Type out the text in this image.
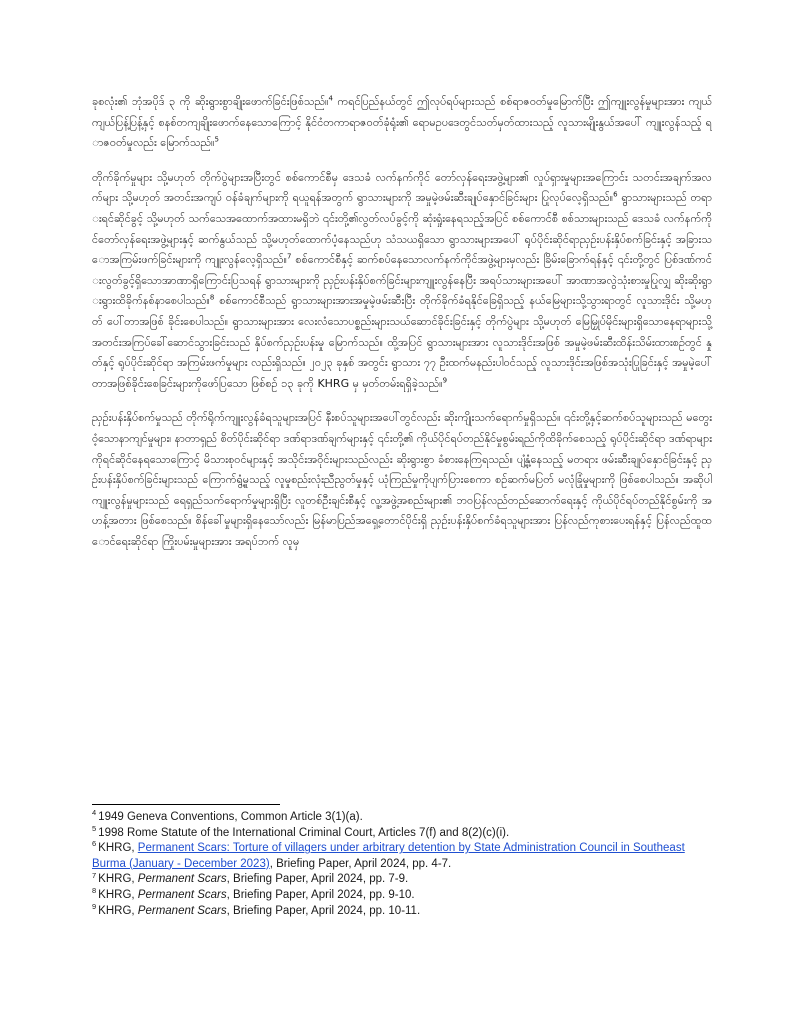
ခုစလုံး၏ ဘုံအပိုဒ် ၃ ကို ဆိုးရွားစွာချိုးဖောက်ခြင်းဖြစ်သည်။$^4$ ကရင်ပြည်နယ်တွင် ဤလုပ်ရပ်များသည် စစ်ရာဇဝတ်မှုမြောက်ပြီး ဤကျူးလွန်မှုများအား ကျယ်ကျယ်ပြန့်ပြန့်နှင့် စနစ်တကျချိုးဖောက်နေသောကြောင့် နိုင်ငံတကာရာဇဝတ်ခုံရုံး၏ ရောမဥပဒေတွင်သတ်မှတ်ထားသည့် လူသားမျိုးနွယ်အပေါ် ကျူးလွန်သည့် ရာဇဝတ်မှုလည်း မြောက်သည်။$^5$

တိုက်ခိုက်မှုများ သို့မဟုတ် တိုက်ပွဲများအပြီးတွင် စစ်ကောင်စီမှ ဒေသခံ လက်နက်ကိုင် တော်လှန်ရေးအဖွဲ့များ၏ လှုပ်ရှားမှုများအကြောင်း သတင်းအချက်အလက်များ သို့မဟုတ် အတင်းအကျပ် ဝန်ခံချက်များကို ရယူရန်အတွက် ရွာသားများကို အမှုမဲ့ဖမ်းဆီးချုပ်နှောင်ခြင်းများ ပြုလုပ်လေ့ရှိသည်။$^6$ ရွာသားများသည် တရားရင်ဆိုင်ခွင့် သို့မဟုတ် သက်သေအထောက်အထားမရှိဘဲ ၎င်းတို့၏လွတ်လပ်ခွင့်ကို ဆုံးရှုံးနေရသည့်အပြင် စစ်ကောင်စီ စစ်သားများသည် ဒေသခံ လက်နက်ကိုင်တော်လှန်ရေးအဖွဲ့များနှင့် ဆက်နွယ်သည် သို့မဟုတ်ထောက်ပံ့နေသည်ဟု သံသယရှိသော ရွာသားများအပေါ် ရုပ်ပိုင်းဆိုင်ရာညှဉ်းပန်းနှိပ်စက်ခြင်းနှင့် အခြားသောအကြမ်းဖက်ခြင်းများကို ကျူးလွန်လေ့ရှိသည်။$^7$ စစ်ကောင်စီနှင့် ဆက်စပ်နေသောလက်နက်ကိုင်အဖွဲ့များမှလည်း ခြိမ်းခြောက်ရန်နှင့် ၎င်းတို့တွင် ပြစ်ဒဏ်ကင်းလွတ်ခွင့်ရှိသောအာဏာရှိကြောင်းပြသရန် ရွာသားများကို ညှဉ်းပန်းနှိပ်စက်ခြင်းများကျူးလွန်နေပြီး အရပ်သားများအပေါ် အာဏာအလွဲသုံးစားမှုပြုလျှ ဆိုးဆိုးရွားရွားထိခိုက်နစ်နာစေပါသည်။$^8$ စစ်ကောင်စီသည် ရွာသားများအားအမှုမဲ့ဖမ်းဆီးပြီး တိုက်ခိုက်ခံရနိုင်ခြေရှိသည့် နယ်မြေများသို့သွားရာတွင် လူသားဒိုင်း သို့မဟုတ် ပေါ်တာအဖြစ် ခိုင်းစေပါသည်။ ရွာသားများအား လေးလံသောပစ္စည်းများသယ်ဆောင်ခိုင်းခြင်းနှင့် တိုက်ပွဲများ သို့မဟုတ် မြေမြှုပ်မိုင်းများရှိသောနေရာများသို့ အတင်းအကြပ်ခေါ်ဆောင်သွားခြင်းသည် နှိပ်စက်ညှဉ်းပန်းမှု မြောက်သည်။ ထို့အပြင် ရွာသားများအား လူသားဒိုင်းအဖြစ် အမှုမဲ့ဖမ်းဆီးထိန်းသိမ်းထားစဉ်တွင် နှုတ်နှင့် ရုပ်ပိုင်းဆိုင်ရာ အကြမ်းဖက်မှုများ လည်းရှိသည်။ ၂၀၂၃ ခုနှစ် အတွင်း ရွာသား ၇၇ ဦးထက်မနည်းပါဝင်သည့် လူသားဒိုင်းအဖြစ်အသုံးပြုခြင်းနှင့် အမှုမဲ့ပေါ်တာအဖြစ်ခိုင်းစေခြင်းများကိုဖော်ပြသော ဖြစ်စဉ် ၁၃ ခုကို KHRG မှ မှတ်တမ်းရရှိခဲ့သည်။$^9$

ညှဉ်းပန်းနှိပ်စက်မှုသည် တိုက်ရိုက်ကျူးလွန်ခံရသူများအပြင် နီးစပ်သူများအပေါ်တွင်လည်း ဆိုးကျိုးသက်ရောက်မှုရှိသည်။ ၎င်းတို့နှင့်ဆက်စပ်သူများသည် မတွေးဝံ့သောနာကျင်မှုများ၊ နာတာရှည် စိတ်ပိုင်းဆိုင်ရာ ဒဏ်ရာဒဏ်ချက်များနှင့် ၎င်းတို့၏ ကိုယ်ပိုင်ရပ်တည်နိုင်မှုစွမ်းရည်ကိုထိခိုက်စေသည့် ရုပ်ပိုင်းဆိုင်ရာ ဒဏ်ရာများကိုရင်ဆိုင်နေရသောကြောင့် မိသားစုဝင်များနှင့် အသိုင်းအဝိုင်းများသည်လည်း ဆိုးရွားစွာ ခံစားနေကြရသည်။ ပျံ့နှံ့နေသည့် မတရား ဖမ်းဆီးချုပ်နှောင်ခြင်းနှင့် ညှဉ်းပန်းနှိပ်စက်ခြင်းများသည် ကြောက်ရွံ့မှုသည့် လူမှုစည်းလုံးညီညွတ်မှုနှင့် ယုံကြည်မှုကိုပျက်ပြားစေကာ စဉ်ဆက်မပြတ် မလုံခြုံမှုများကို ဖြစ်စေပါသည်။ အဆိုပါ ကျူးလွန်မှုများသည် ရေရှည်သက်ရောက်မှုများရှိပြီး လူတစ်ဦးချင်းစီနှင့် လူ့အဖွဲ့အစည်းများ၏ ဘဝပြန်လည်တည်ဆောက်ရေးနှင့် ကိုယ်ပိုင်ရပ်တည်နိုင်စွမ်းကို အဟန့်အတား ဖြစ်စေသည်။ စိန်ခေါ်မှုများရှိနေသော်လည်း မြန်မာပြည်အရှေ့တောင်ပိုင်းရှိ ညှဉ်းပန်းနှိပ်စက်ခံရသူများအား ပြန်လည်ကုစားပေးရန်နှင့် ပြန်လည်ထူထောင်ရေးဆိုင်ရာ ကြိုးပမ်းမှုများအား အရပ်ဘက် လူမှ

$^4$ 1949 Geneva Conventions, Common Article 3(1)(a).

$^5$ 1998 Rome Statute of the International Criminal Court, Articles 7(f) and 8(2)(c)(i).

$^6$ KHRG, Permanent Scars: Torture of villagers under arbitrary detention by State Administration Council in Southeast Burma (January - December 2023), Briefing Paper, April 2024, pp. 4-7.

$^7$ KHRG, Permanent Scars, Briefing Paper, April 2024, pp. 7-9.

$^8$ KHRG, Permanent Scars, Briefing Paper, April 2024, pp. 9-10.

$^9$ KHRG, Permanent Scars, Briefing Paper, April 2024, pp. 10-11.
